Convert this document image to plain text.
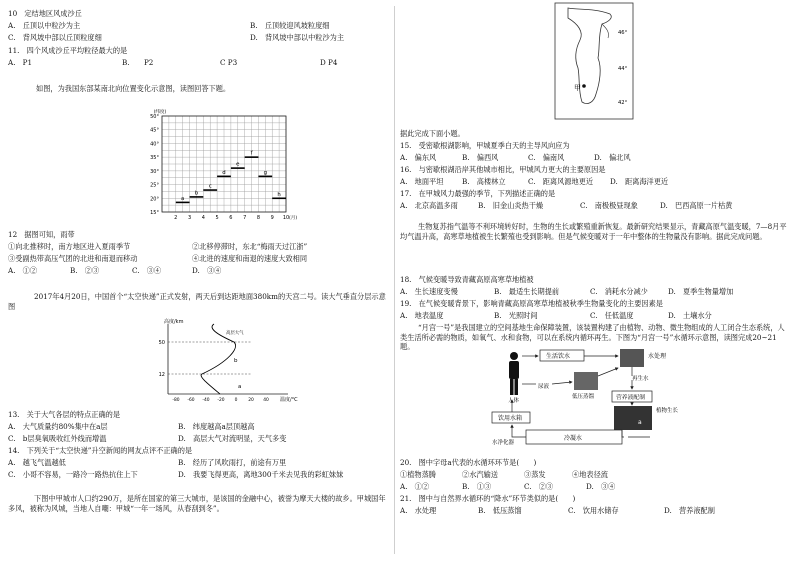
10　定结地区风成沙丘
A.　丘顶以中粒沙为主	B.　丘顶较迎风坡粒度细
C.　背风坡中部以丘顶粒度细	D.　背风坡中部以中粒沙为主
11.　四个风成沙丘平均粒径最大的是
A.　P1	B.　　P2	C P3	D P4
如图，为我国东部某南北向位置变化示意图，读图回答下题。
50°
45°
40°
35°
30°
25°
20°
15°
2 3 4 5 6 7 8 9 10 (月)
(纬度)
a
b
c
d
e
f
g
h
12　据图可知，雨带
①向北推移时，南方地区进入夏雨季节	②北移停滞时，东北“梅雨天过江浙”
③受副热带高压气团的北进和南退而移动	④北进的速度和南退的速度大致相同
A.　①②	B.　②③	C.　③④	D.　③④
2017年4月20日，中国首个“太空快递”正式发射，两天后到达距地面380km的天宫二号。读大气垂直分层示意图
高度/km
温度/°C
50
12
-80 -60 -40 -20 0 20 40
a
b
高层大气
13.　关于大气各层的特点正确的是
A.　大气质量约80%集中在a层	B.　纬度越高a层顶越高
C.　b层臭氧吸收红外线而增温	D.　高层大气对流明显，天气多变
14.　下列关于“太空快递”升空新闻的网友点评不正确的是
A.　越飞气温越低	B.　经历了风吹雨打，前途有万里
C.　小哥不容易，一路冷一路热抗住上下	D.　我要飞得更高，离地300千米去见我的彩虹妹妹
下图中甲城市人口约290万，是所在国家的第三大城市，是该国的金融中心，被誉为摩天大楼的故乡。甲城国年多风，被称为风城，当地人自嘲：甲城“一年一场风，从春刮到冬”。
甲
46°
44°
42°
据此完成下面小题。
15.　受密歇根湖影响，甲城夏季白天的主导风向应为
A.　偏东风	B.　偏西风	C.　偏南风	D.　偏北风
16.　与密歇根湖沿岸其他城市相比，甲城风力更大的主要原因是
A.　地面平坦	B.　高楼林立	C.　距离风源地更近 D.　距离海洋更近
17.　在甲城风力最强的季节，下列描述正确的是
A.　北京高温多雨	B.　旧金山炎热干燥	C.　南极极昼现象	D.　巴西高原一片枯黄
生物复苏指气温等不利环境转好时，生物的生长或繁殖重新恢复。最新研究结果显示，青藏高原气温变暖，7—8月平均气温升高，高寒草地植被生长繁殖也受到影响。但是气候变暖对于一年中整体的生物量没有影响。据此完成问题。
18.　气候变暖导致青藏高原高寒草地植被
A.　生长速度变慢	B.　最适生长期提前	C.　消耗水分减少	D.　夏季生物量增加
19.　在气候变暖背景下，影响青藏高原高寒草地植被秋季生物量变化的主要因素是
A.　地表温度	B.　光照时间	C.　任低温度	D.　土壤水分
“月宫一号”是我国建立的空间基地生命保障装置，该装置构建了由植物、动物、微生物组成的人工闭合生态系统，人类生活所必需的物质，如氧气、水和食物，可以在系统内循环再生。下图为“月宫一号”水循环示意图，读图完成20~21题。
人体
生活饮水	水处理
尿液
低压蒸馏
再生水
营养液配制
a
植物生长
饮用水箱
水净化器
冷凝水
20.　图中字母a代表的水循环环节是(　　)
①植物蒸腾	②水汽输送	③蒸发	④地表径流
A.　①②	B.　①③	C.　②③	D.　③④
21.　图中与自然界水循环的“降水”环节类似的是(　　)
A.　水处理	B.　低压蒸馏	C.　饮用水储存	D.　营养液配制
